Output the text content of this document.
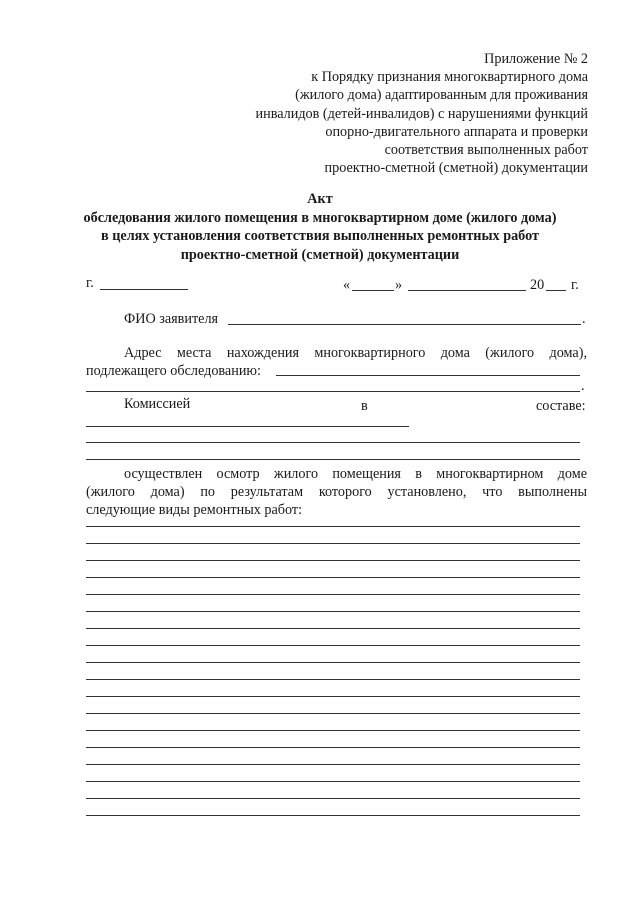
Приложение № 2
к Порядку признания многоквартирного дома
(жилого дома) адаптированным для проживания
инвалидов (детей-инвалидов) с нарушениями функций
опорно-двигательного аппарата и проверки
соответствия выполненных работ
проектно-сметной (сметной) документации
Акт
обследования жилого помещения в многоквартирном доме (жилого дома)
в целях установления соответствия выполненных ремонтных работ
проектно-сметной (сметной) документации
г.	«	»	20 г.
ФИО заявителя	.
Адрес места нахождения многоквартирного дома (жилого дома),
подлежащего обследованию:
.
Комиссией	в	составе:
осуществлен осмотр жилого помещения в многоквартирном доме
(жилого дома) по результатам которого установлено, что выполнены
следующие виды ремонтных работ:
